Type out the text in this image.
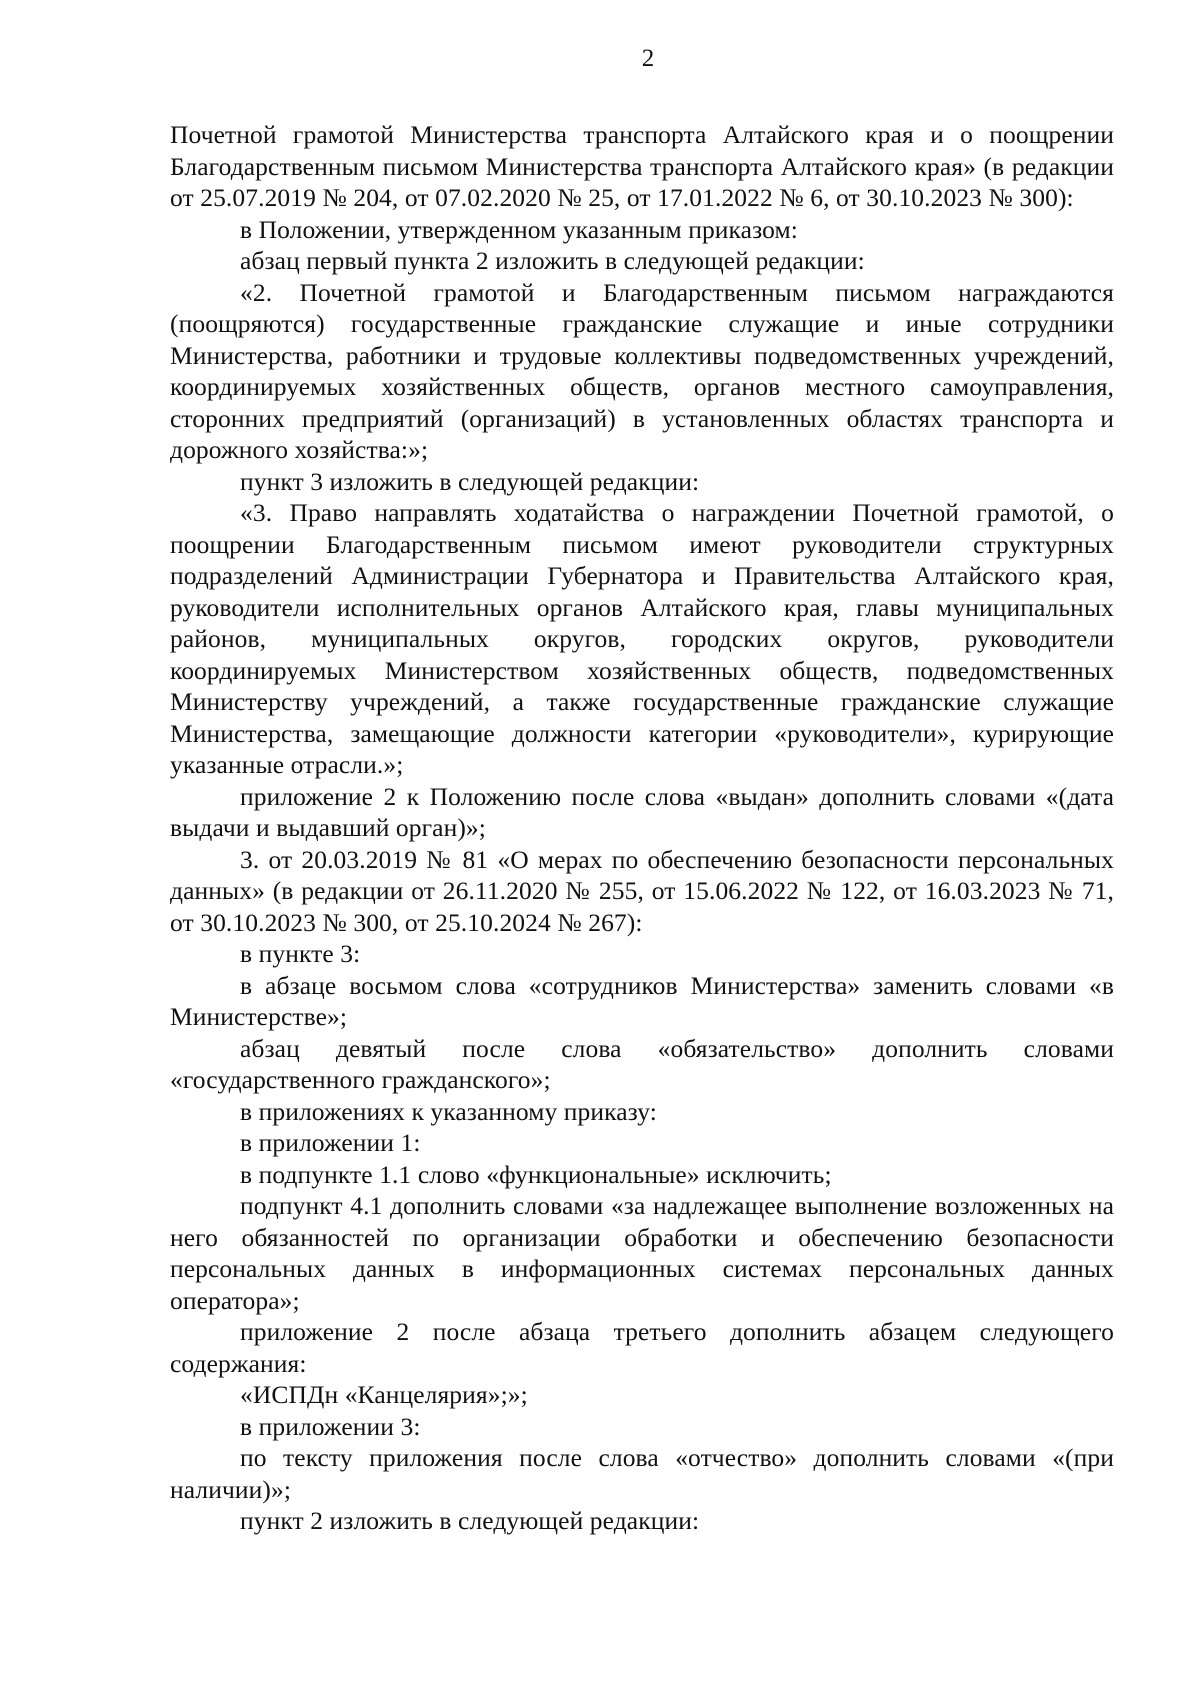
2

Почетной грамотой Министерства транспорта Алтайского края и о поощрении Благодарственным письмом Министерства транспорта Алтайского края» (в редакции от 25.07.2019 № 204, от 07.02.2020 № 25, от 17.01.2022 № 6, от 30.10.2023 № 300):

в Положении, утвержденном указанным приказом:

абзац первый пункта 2 изложить в следующей редакции:

«2. Почетной грамотой и Благодарственным письмом награждаются (поощряются) государственные гражданские служащие и иные сотрудники Министерства, работники и трудовые коллективы подведомственных учреждений, координируемых хозяйственных обществ, органов местного самоуправления, сторонних предприятий (организаций) в установленных областях транспорта и дорожного хозяйства:»;

пункт 3 изложить в следующей редакции:

«3. Право направлять ходатайства о награждении Почетной грамотой, о поощрении Благодарственным письмом имеют руководители структурных подразделений Администрации Губернатора и Правительства Алтайского края, руководители исполнительных органов Алтайского края, главы муниципальных районов, муниципальных округов, городских округов, руководители координируемых Министерством хозяйственных обществ, подведомственных Министерству учреждений, а также государственные гражданские служащие Министерства, замещающие должности категории «руководители», курирующие указанные отрасли.»;

приложение 2 к Положению после слова «выдан» дополнить словами «(дата выдачи и выдавший орган)»;

3. от 20.03.2019 № 81 «О мерах по обеспечению безопасности персональных данных» (в редакции от 26.11.2020 № 255, от 15.06.2022 № 122, от 16.03.2023 № 71, от 30.10.2023 № 300, от 25.10.2024 № 267):

в пункте 3:

в абзаце восьмом слова «сотрудников Министерства» заменить словами «в Министерстве»;

абзац девятый после слова «обязательство» дополнить словами «государственного гражданского»;

в приложениях к указанному приказу:

в приложении 1:

в подпункте 1.1 слово «функциональные» исключить;

подпункт 4.1 дополнить словами «за надлежащее выполнение возложенных на него обязанностей по организации обработки и обеспечению безопасности персональных данных в информационных системах персональных данных оператора»;

приложение 2 после абзаца третьего дополнить абзацем следующего содержания:

«ИСПДн «Канцелярия»;»;

в приложении 3:

по тексту приложения после слова «отчество» дополнить словами «(при наличии)»;

пункт 2 изложить в следующей редакции:
